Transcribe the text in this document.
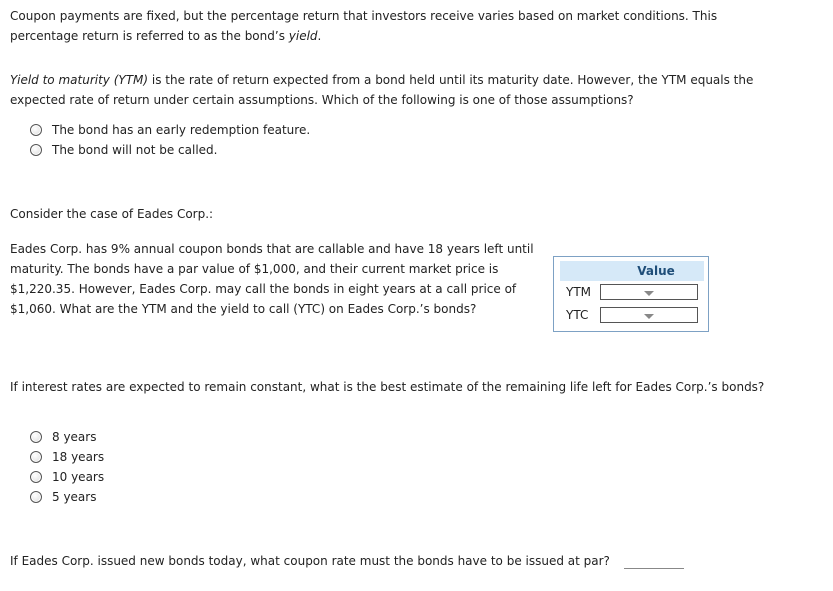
Coupon payments are fixed, but the percentage return that investors receive varies based on market conditions. This percentage return is referred to as the bond’s yield.

Yield to maturity (YTM) is the rate of return expected from a bond held until its maturity date. However, the YTM equals the expected rate of return under certain assumptions. Which of the following is one of those assumptions?

The bond has an early redemption feature.
The bond will not be called.

Consider the case of Eades Corp.:

Eades Corp. has 9% annual coupon bonds that are callable and have 18 years left until maturity. The bonds have a par value of $1,000, and their current market price is $1,220.35. However, Eades Corp. may call the bonds in eight years at a call price of $1,060. What are the YTM and the yield to call (YTC) on Eades Corp.’s bonds?

Value
YTM
YTC

If interest rates are expected to remain constant, what is the best estimate of the remaining life left for Eades Corp.’s bonds?

8 years
18 years
10 years
5 years

If Eades Corp. issued new bonds today, what coupon rate must the bonds have to be issued at par?
